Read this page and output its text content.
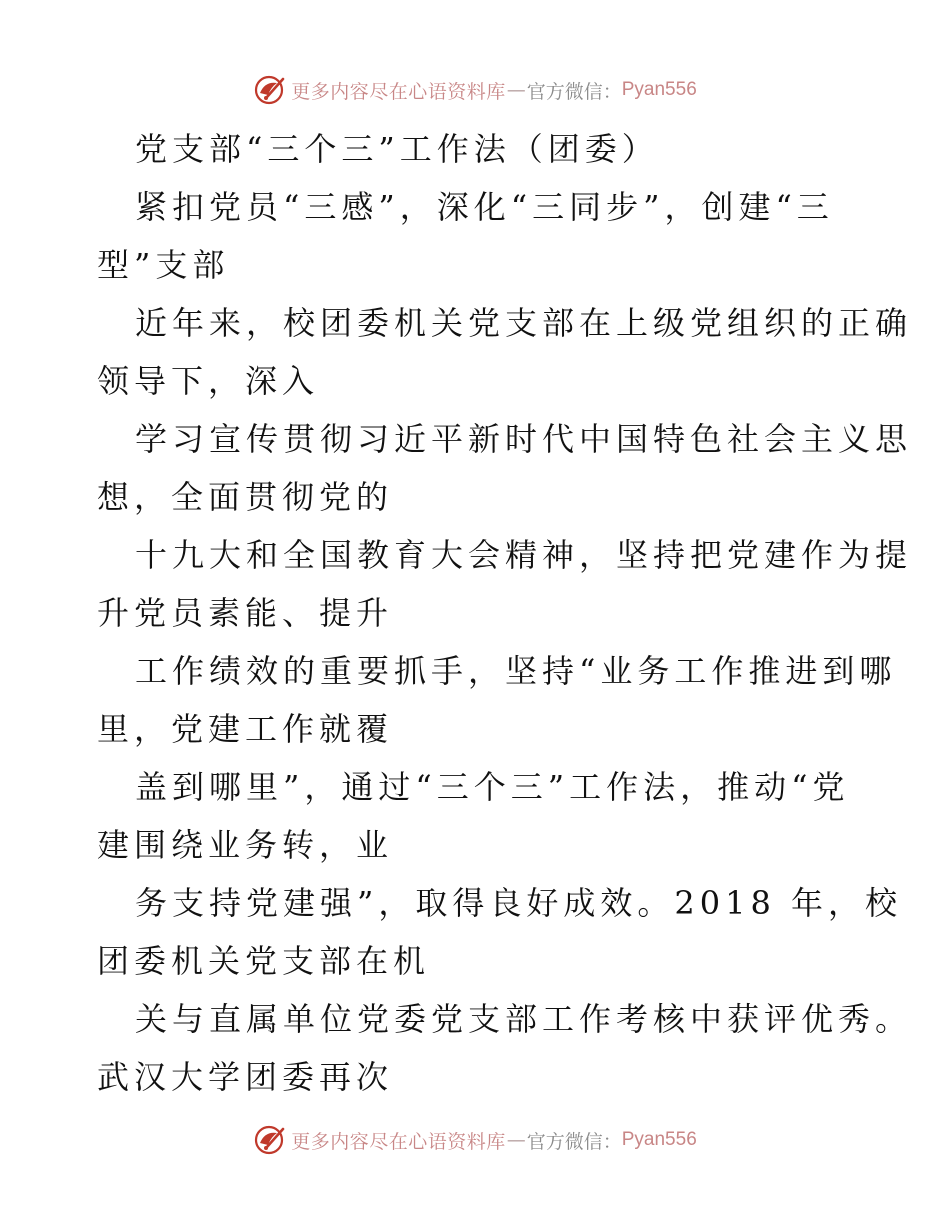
更多内容尽在心语资料库 — 官方微信： Pyan556
党支部“三个三”工作法（团委）
紧扣党员“三感”，深化“三同步”，创建“三
型”支部
近年来，校团委机关党支部在上级党组织的正确
领导下，深入
学习宣传贯彻习近平新时代中国特色社会主义思
想，全面贯彻党的
十九大和全国教育大会精神，坚持把党建作为提
升党员素能、提升
工作绩效的重要抓手，坚持“业务工作推进到哪
里，党建工作就覆
盖到哪里”，通过“三个三”工作法，推动“党
建围绕业务转，业
务支持党建强”，取得良好成效。2018 年，校
团委机关党支部在机
关与直属单位党委党支部工作考核中获评优秀。
武汉大学团委再次
更多内容尽在心语资料库 — 官方微信： Pyan556
